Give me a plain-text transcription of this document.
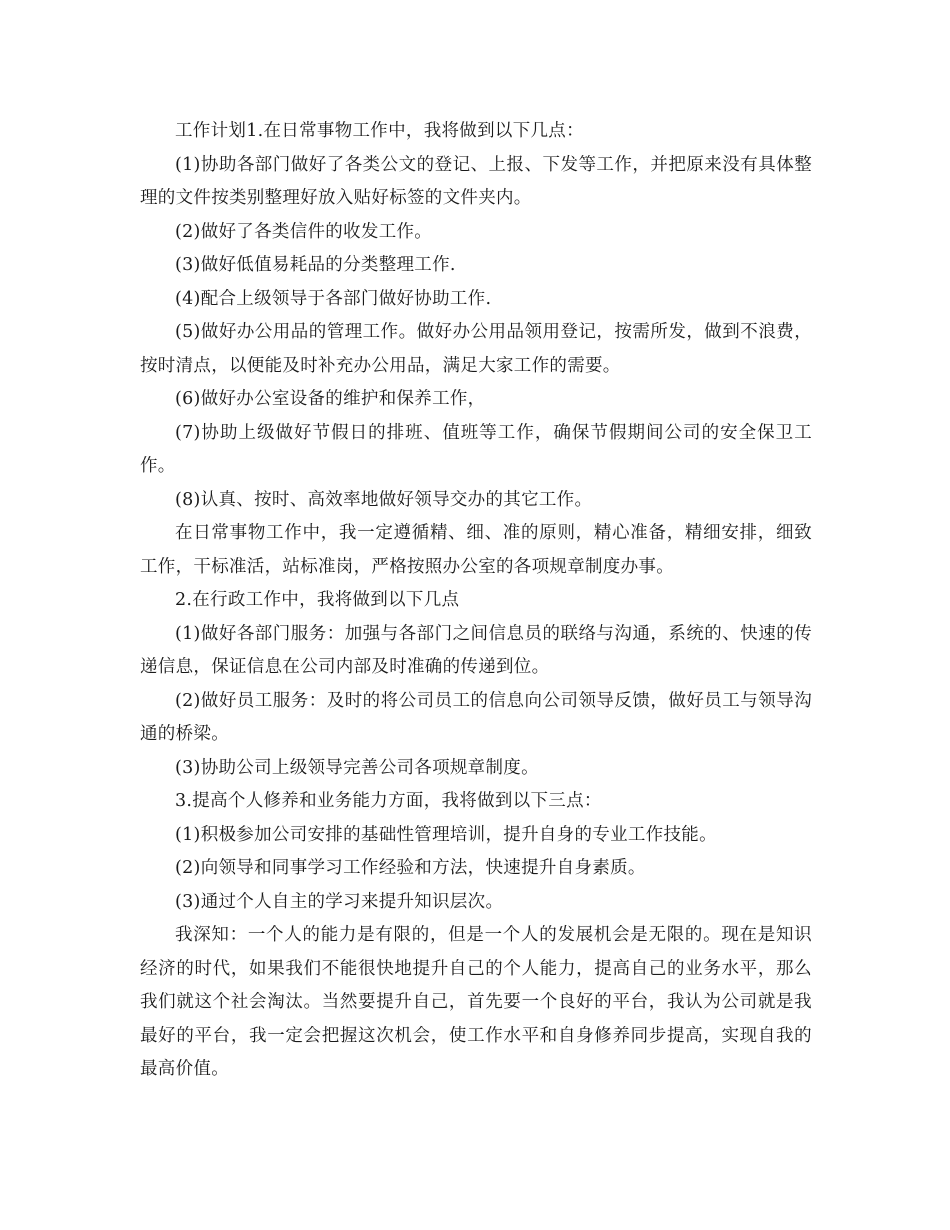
工作计划1.在日常事物工作中，我将做到以下几点：

(1)协助各部门做好了各类公文的登记、上报、下发等工作，并把原来没有具体整理的文件按类别整理好放入贴好标签的文件夹内。

(2)做好了各类信件的收发工作。

(3)做好低值易耗品的分类整理工作.

(4)配合上级领导于各部门做好协助工作.

(5)做好办公用品的管理工作。做好办公用品领用登记，按需所发，做到不浪费，按时清点，以便能及时补充办公用品，满足大家工作的需要。

(6)做好办公室设备的维护和保养工作，

(7)协助上级做好节假日的排班、值班等工作，确保节假期间公司的安全保卫工作。

(8)认真、按时、高效率地做好领导交办的其它工作。

在日常事物工作中，我一定遵循精、细、准的原则，精心准备，精细安排，细致工作，干标准活，站标准岗，严格按照办公室的各项规章制度办事。

2.在行政工作中，我将做到以下几点

(1)做好各部门服务：加强与各部门之间信息员的联络与沟通，系统的、快速的传递信息，保证信息在公司内部及时准确的传递到位。

(2)做好员工服务：及时的将公司员工的信息向公司领导反馈，做好员工与领导沟通的桥梁。

(3)协助公司上级领导完善公司各项规章制度。

3.提高个人修养和业务能力方面，我将做到以下三点：

(1)积极参加公司安排的基础性管理培训，提升自身的专业工作技能。

(2)向领导和同事学习工作经验和方法，快速提升自身素质。

(3)通过个人自主的学习来提升知识层次。

我深知：一个人的能力是有限的，但是一个人的发展机会是无限的。现在是知识经济的时代，如果我们不能很快地提升自己的个人能力，提高自己的业务水平，那么我们就这个社会淘汰。当然要提升自己，首先要一个良好的平台，我认为公司就是我最好的平台，我一定会把握这次机会，使工作水平和自身修养同步提高，实现自我的最高价值。
